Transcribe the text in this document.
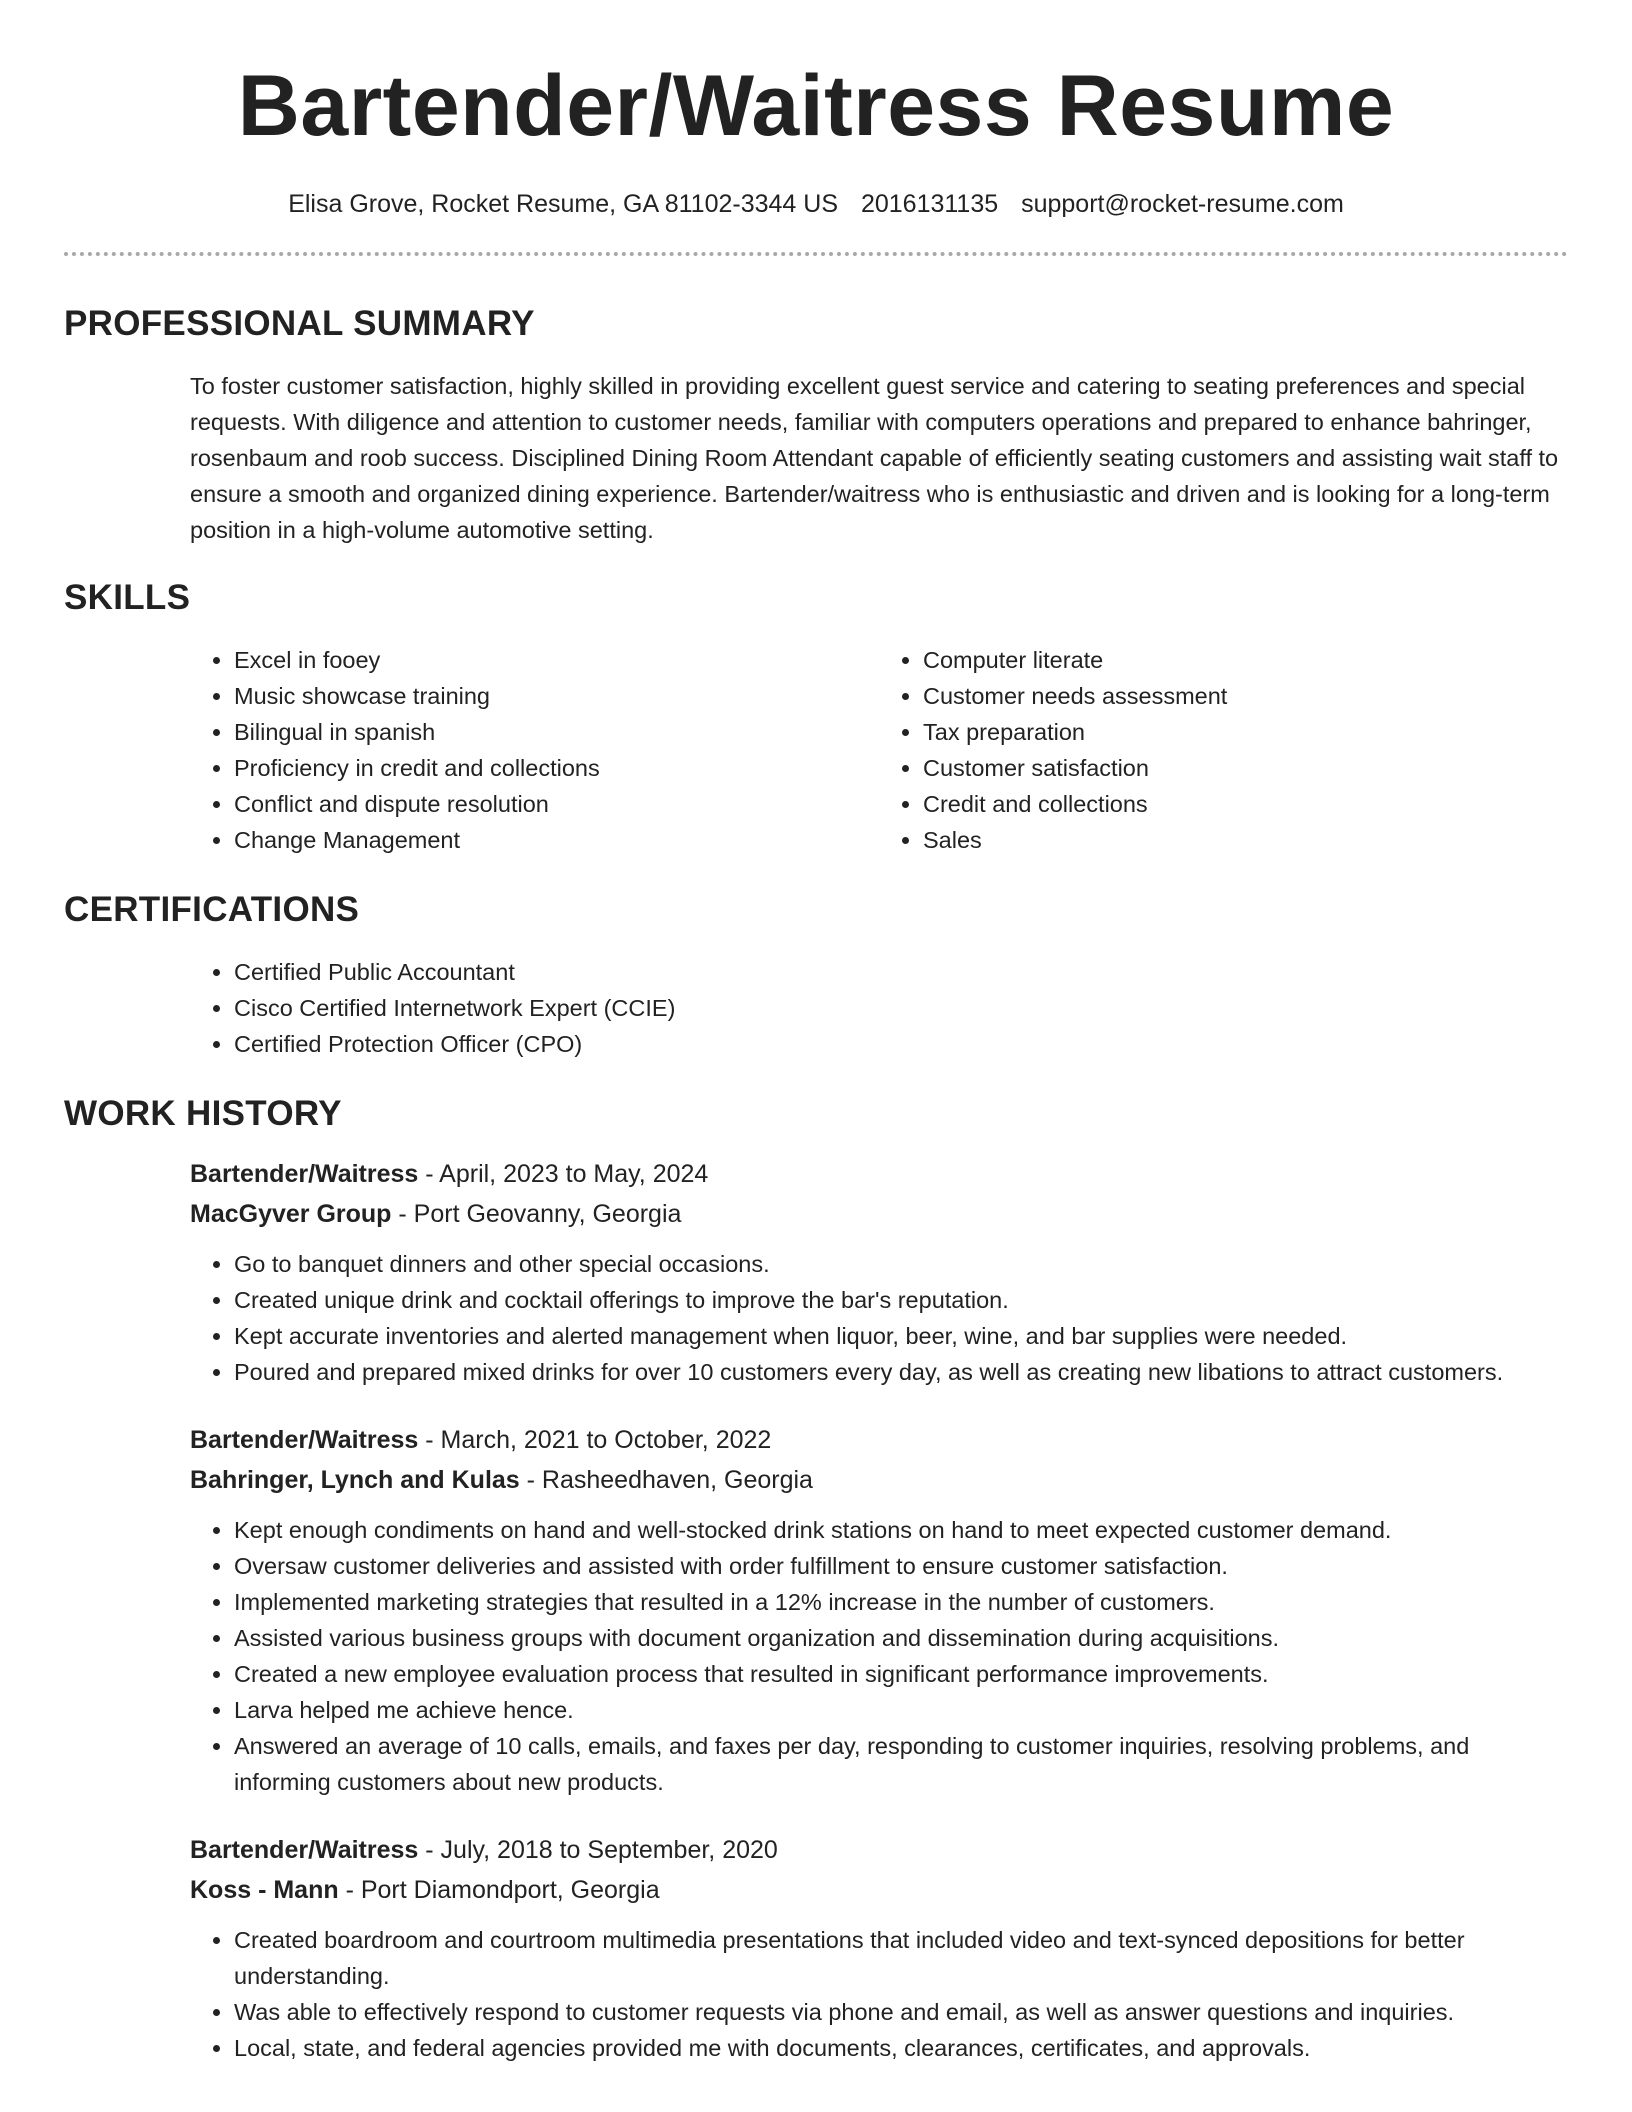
Bartender/Waitress Resume
Elisa Grove, Rocket Resume, GA 81102-3344 US 2016131135 support@rocket-resume.com
PROFESSIONAL SUMMARY

To foster customer satisfaction, highly skilled in providing excellent guest service and catering to seating preferences and special requests. With diligence and attention to customer needs, familiar with computers operations and prepared to enhance bahringer, rosenbaum and roob success. Disciplined Dining Room Attendant capable of efficiently seating customers and assisting wait staff to ensure a smooth and organized dining experience. Bartender/waitress who is enthusiastic and driven and is looking for a long-term position in a high-volume automotive setting.

SKILLS
• Excel in fooey
• Music showcase training
• Bilingual in spanish
• Proficiency in credit and collections
• Conflict and dispute resolution
• Change Management
• Computer literate
• Customer needs assessment
• Tax preparation
• Customer satisfaction
• Credit and collections
• Sales
CERTIFICATIONS
• Certified Public Accountant
• Cisco Certified Internetwork Expert (CCIE)
• Certified Protection Officer (CPO)
WORK HISTORY
Bartender/Waitress - April, 2023 to May, 2024
MacGyver Group - Port Geovanny, Georgia
• Go to banquet dinners and other special occasions.
• Created unique drink and cocktail offerings to improve the bar's reputation.
• Kept accurate inventories and alerted management when liquor, beer, wine, and bar supplies were needed.
• Poured and prepared mixed drinks for over 10 customers every day, as well as creating new libations to attract customers.
Bartender/Waitress - March, 2021 to October, 2022
Bahringer, Lynch and Kulas - Rasheedhaven, Georgia
• Kept enough condiments on hand and well-stocked drink stations on hand to meet expected customer demand.
• Oversaw customer deliveries and assisted with order fulfillment to ensure customer satisfaction.
• Implemented marketing strategies that resulted in a 12% increase in the number of customers.
• Assisted various business groups with document organization and dissemination during acquisitions.
• Created a new employee evaluation process that resulted in significant performance improvements.
• Larva helped me achieve hence.
• Answered an average of 10 calls, emails, and faxes per day, responding to customer inquiries, resolving problems, and informing customers about new products.
Bartender/Waitress - July, 2018 to September, 2020
Koss - Mann - Port Diamondport, Georgia
• Created boardroom and courtroom multimedia presentations that included video and text-synced depositions for better understanding.
• Was able to effectively respond to customer requests via phone and email, as well as answer questions and inquiries.
• Local, state, and federal agencies provided me with documents, clearances, certificates, and approvals.
